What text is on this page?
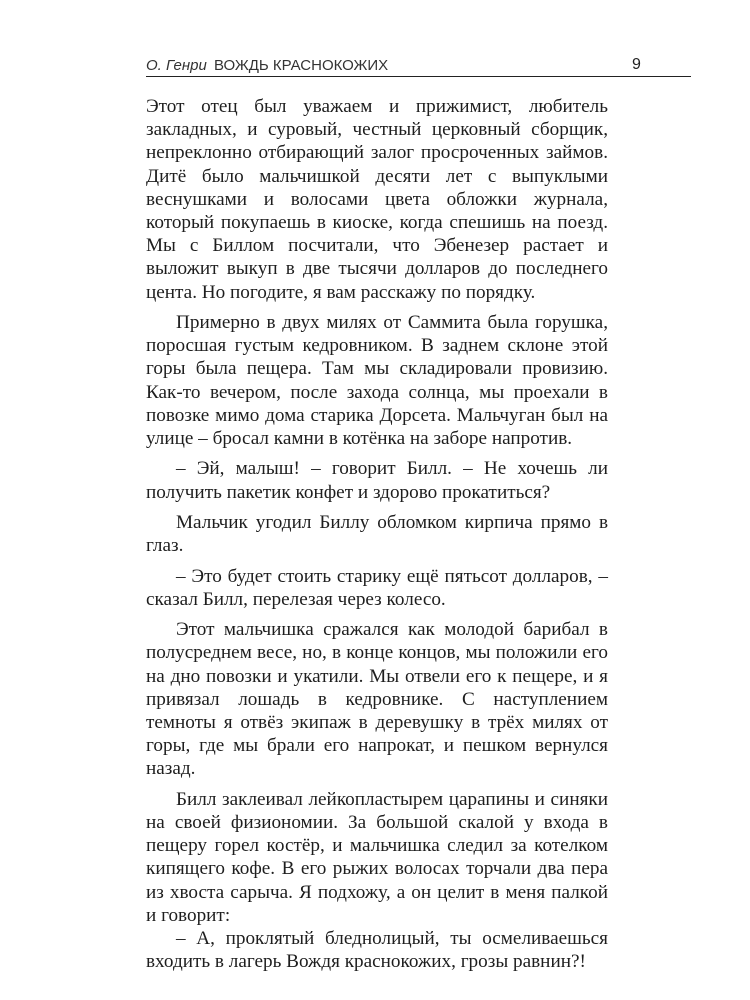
О. Генри ВОЖДЬ КРАСНОКОЖИХ	9

Этот отец был уважаем и прижимист, любитель закладных, и суровый, честный церковный сборщик, непреклонно отбирающий залог просроченных займов. Дитё было мальчишкой десяти лет с выпуклыми веснушками и волосами цвета обложки журнала, который покупаешь в киоске, когда спешишь на поезд. Мы с Биллом посчитали, что Эбенезер растает и выложит выкуп в две тысячи долларов до последнего цента. Но погодите, я вам расскажу по порядку.

Примерно в двух милях от Саммита была горушка, поросшая густым кедровником. В заднем склоне этой горы была пещера. Там мы складировали провизию. Как-то вечером, после захода солнца, мы проехали в повозке мимо дома старика Дорсета. Мальчуган был на улице – бросал камни в котёнка на заборе напротив.

– Эй, малыш! – говорит Билл. – Не хочешь ли получить пакетик конфет и здорово прокатиться?

Мальчик угодил Биллу обломком кирпича прямо в глаз.

– Это будет стоить старику ещё пятьсот долларов, – сказал Билл, перелезая через колесо.

Этот мальчишка сражался как молодой барибал в полусреднем весе, но, в конце концов, мы положили его на дно повозки и укатили. Мы отвели его к пещере, и я привязал лошадь в кедровнике. С наступлением темноты я отвёз экипаж в деревушку в трёх милях от горы, где мы брали его напрокат, и пешком вернулся назад.

Билл заклеивал лейкопластырем царапины и синяки на своей физиономии. За большой скалой у входа в пещеру горел костёр, и мальчишка следил за котелком кипящего кофе. В его рыжих волосах торчали два пера из хвоста сарыча. Я подхожу, а он целит в меня палкой и говорит:

– А, проклятый бледнолицый, ты осмеливаешься входить в лагерь Вождя краснокожих, грозы равнин?!
